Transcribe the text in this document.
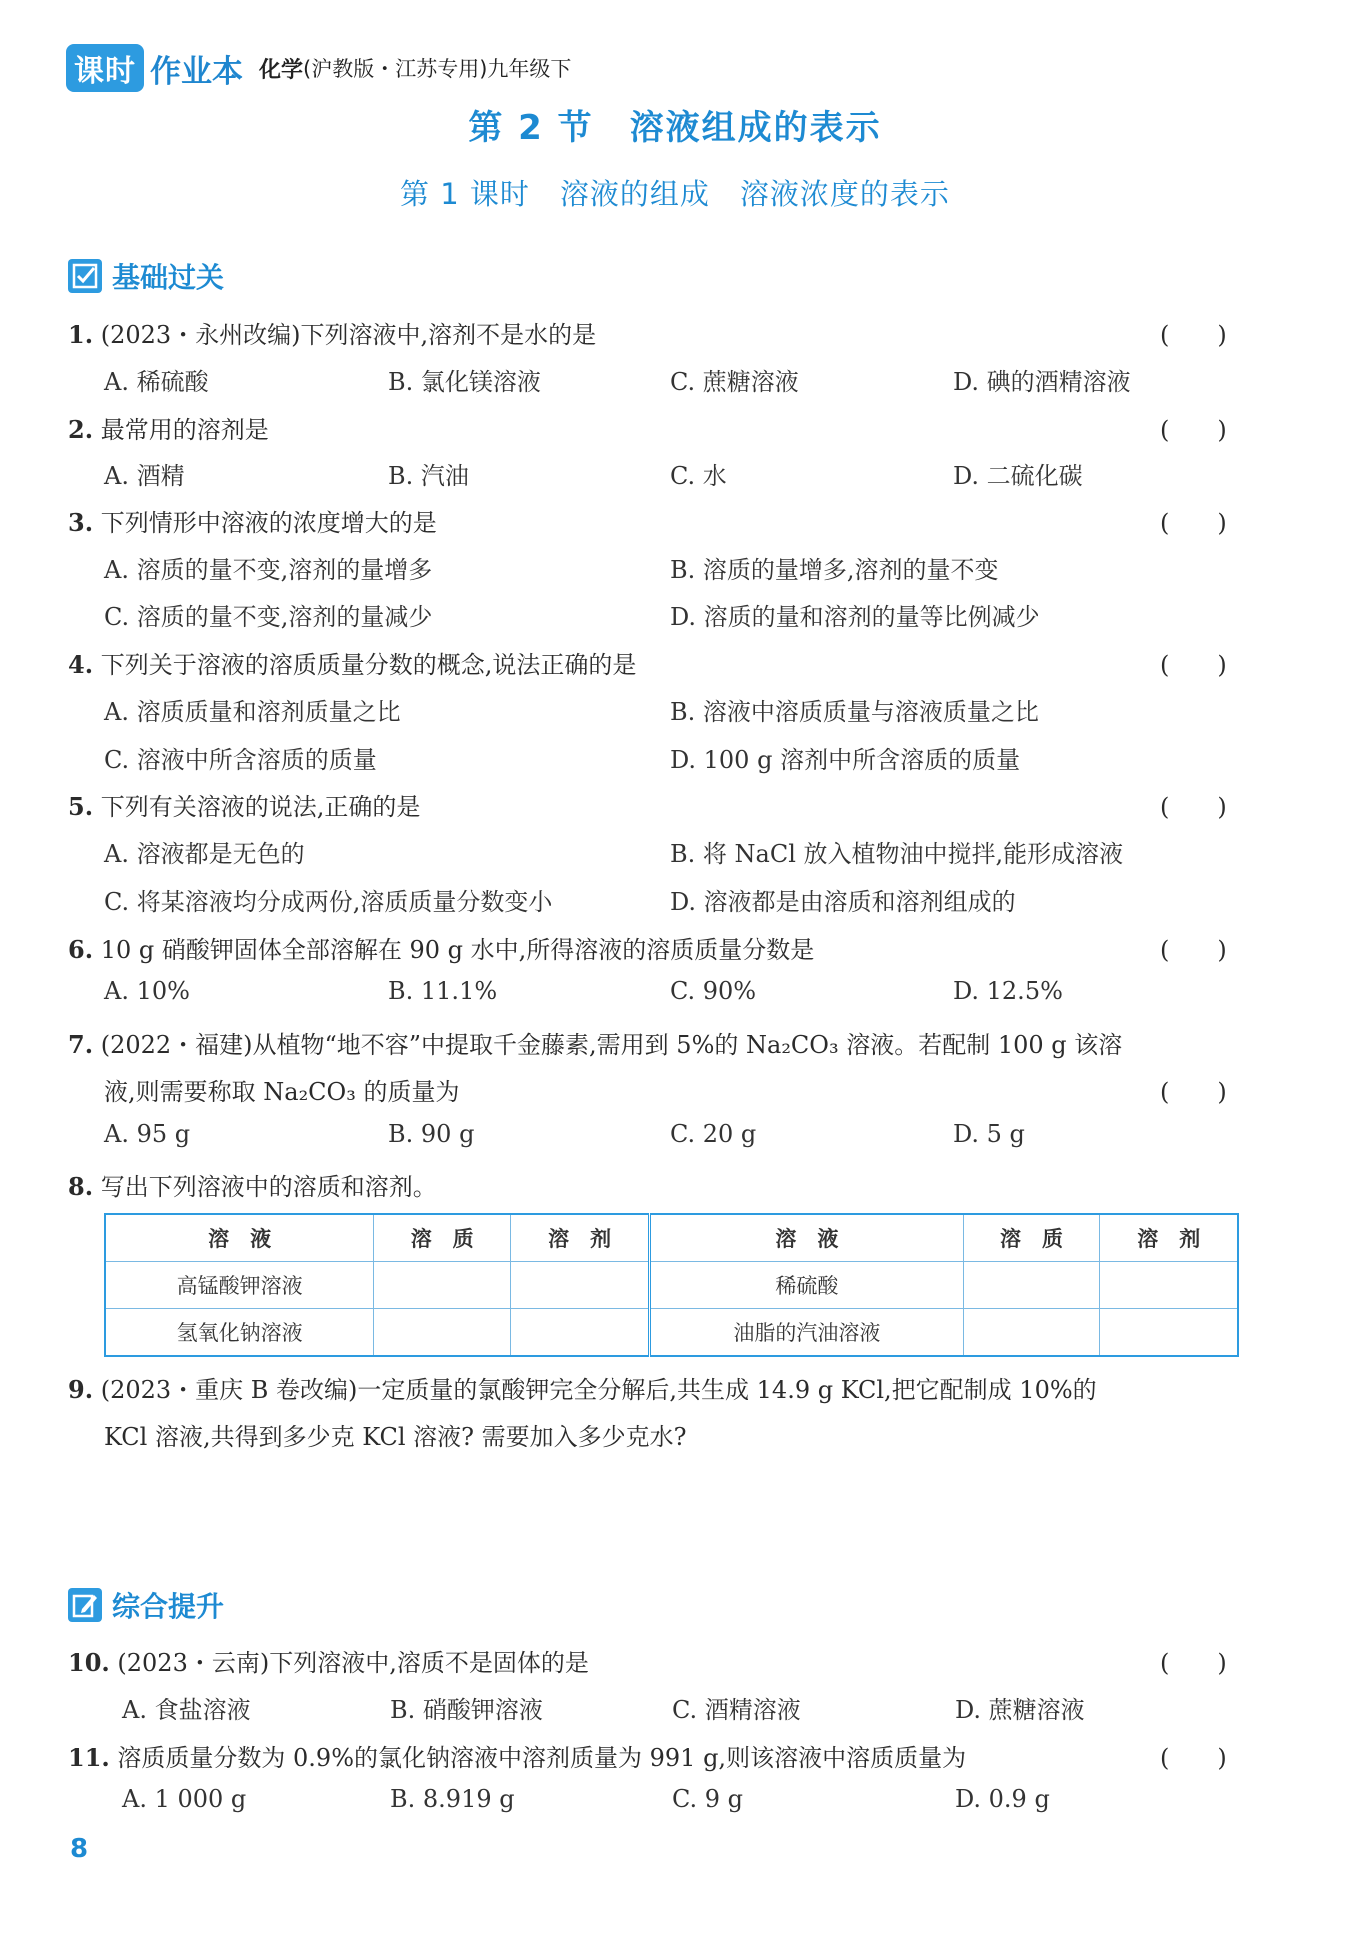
课时 作业本 化学 (沪教版・江苏专用)九年级下
第 2 节　溶液组成的表示
第 1 课时　溶液的组成　溶液浓度的表示
基础过关
1. (2023・永州改编)下列溶液中,溶剂不是水的是	(　　)
A. 稀硫酸	B. 氯化镁溶液	C. 蔗糖溶液	D. 碘的酒精溶液
2. 最常用的溶剂是	(　　)
A. 酒精	B. 汽油	C. 水	D. 二硫化碳
3. 下列情形中溶液的浓度增大的是	(　　)
A. 溶质的量不变,溶剂的量增多	B. 溶质的量增多,溶剂的量不变
C. 溶质的量不变,溶剂的量减少	D. 溶质的量和溶剂的量等比例减少
4. 下列关于溶液的溶质质量分数的概念,说法正确的是	(　　)
A. 溶质质量和溶剂质量之比	B. 溶液中溶质质量与溶液质量之比
C. 溶液中所含溶质的质量	D. 100 g 溶剂中所含溶质的质量
5. 下列有关溶液的说法,正确的是	(　　)
A. 溶液都是无色的	B. 将 NaCl 放入植物油中搅拌,能形成溶液
C. 将某溶液均分成两份,溶质质量分数变小	D. 溶液都是由溶质和溶剂组成的
6. 10 g 硝酸钾固体全部溶解在 90 g 水中,所得溶液的溶质质量分数是	(　　)
A. 10%	B. 11.1%	C. 90%	D. 12.5%
7. (2022・福建)从植物“地不容”中提取千金藤素,需用到 5%的 Na₂CO₃ 溶液。若配制 100 g 该溶
液,则需要称取 Na₂CO₃ 的质量为	(　　)
A. 95 g	B. 90 g	C. 20 g	D. 5 g
8. 写出下列溶液中的溶质和溶剂。
溶　液	溶　质	溶　剂	溶　液	溶　质	溶　剂
高锰酸钾溶液			稀硫酸		
氢氧化钠溶液			油脂的汽油溶液		
9. (2023・重庆 B 卷改编)一定质量的氯酸钾完全分解后,共生成 14.9 g KCl,把它配制成 10%的
KCl 溶液,共得到多少克 KCl 溶液? 需要加入多少克水?
综合提升
10. (2023・云南)下列溶液中,溶质不是固体的是	(　　)
A. 食盐溶液	B. 硝酸钾溶液	C. 酒精溶液	D. 蔗糖溶液
11. 溶质质量分数为 0.9%的氯化钠溶液中溶剂质量为 991 g,则该溶液中溶质质量为	(　　)
A. 1 000 g	B. 8.919 g	C. 9 g	D. 0.9 g
8
